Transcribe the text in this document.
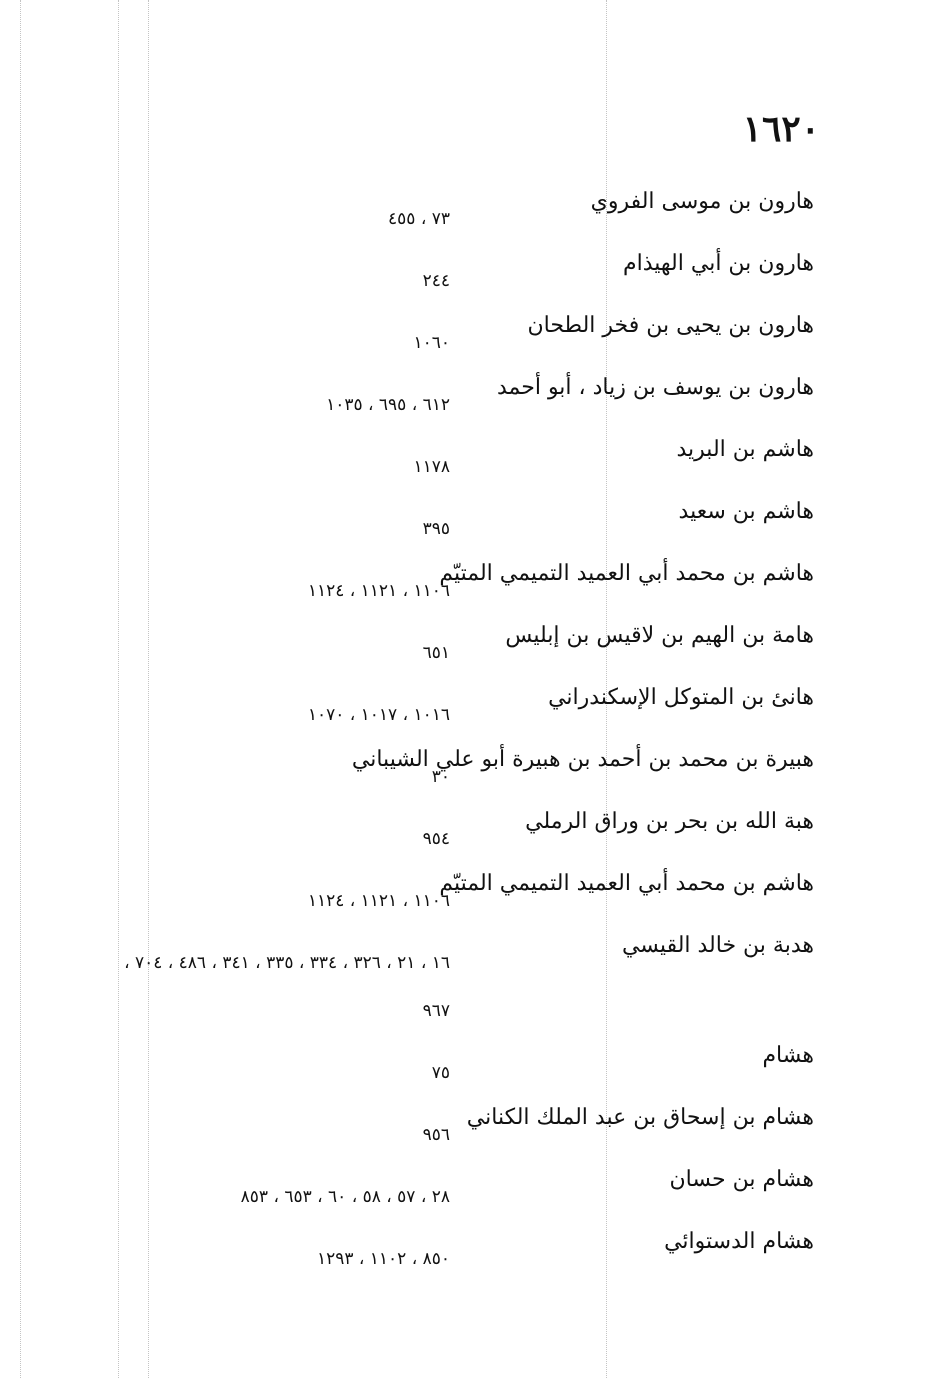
١٦٢٠
هارون بن موسى الفروي
٧٣ ، ٤٥٥
هارون بن أبي الهيذام
٢٤٤
هارون بن يحيى بن فخر الطحان
١٠٦٠
هارون بن يوسف بن زياد ، أبو أحمد
٦١٢ ، ٦٩٥ ، ١٠٣٥
هاشم بن البريد
١١٧٨
هاشم بن سعيد
٣٩٥
هاشم بن محمد أبي العميد التميمي المتيّم
١١٠٦ ، ١١٢١ ، ١١٢٤
هامة بن الهيم بن لاقيس بن إبليس
٦٥١
هانئ بن المتوكل الإسكندراني
١٠١٦ ، ١٠١٧ ، ١٠٧٠
هبيرة بن محمد بن أحمد بن هبيرة أبو علي الشيباني
٣٠
هبة الله بن بحر بن وراق الرملي
٩٥٤
هاشم بن محمد أبي العميد التميمي المتيّم
١١٠٦ ، ١١٢١ ، ١١٢٤
هدبة بن خالد القيسي
١٦ ، ٢١ ، ٣٢٦ ، ٣٣٤ ، ٣٣٥ ، ٣٤١ ، ٤٨٦ ، ٧٠٤ ، ٩٦٧
هشام
٧٥
هشام بن إسحاق بن عبد الملك الكناني
٩٥٦
هشام بن حسان
٢٨ ، ٥٧ ، ٥٨ ، ٦٠ ، ٦٥٣ ، ٨٥٣
هشام الدستوائي
٨٥٠ ، ١١٠٢ ، ١٢٩٣
